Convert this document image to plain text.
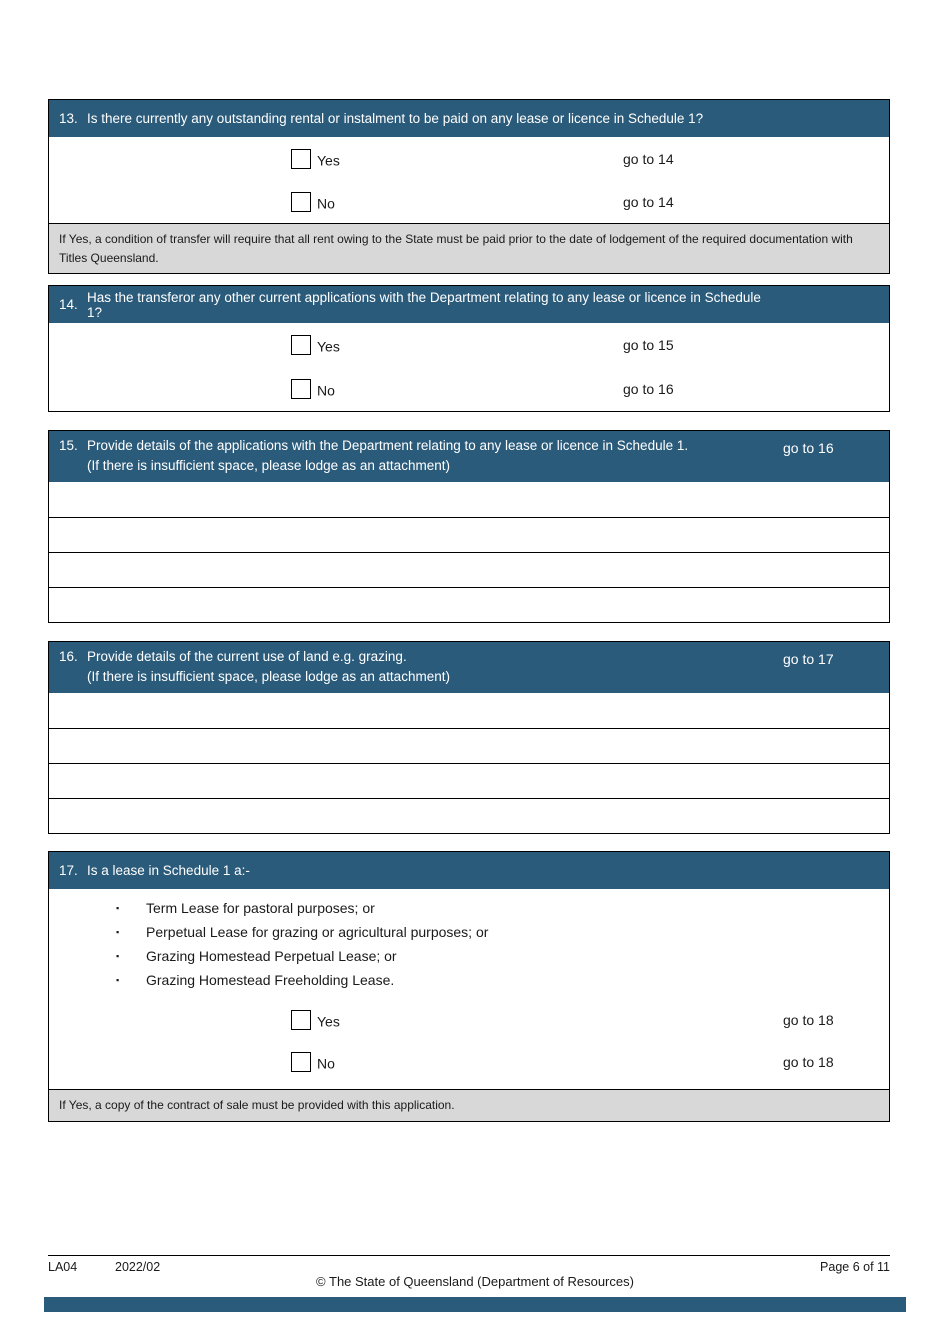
13. Is there currently any outstanding rental or instalment to be paid on any lease or licence in Schedule 1?
Yes	go to 14
No	go to 14
If Yes, a condition of transfer will require that all rent owing to the State must be paid prior to the date of lodgement of the required documentation with Titles Queensland.
14. Has the transferor any other current applications with the Department relating to any lease or licence in Schedule 1?
Yes	go to 15
No	go to 16
15. Provide details of the applications with the Department relating to any lease or licence in Schedule 1.	go to 16
(If there is insufficient space, please lodge as an attachment)
16. Provide details of the current use of land e.g. grazing.	go to 17
(If there is insufficient space, please lodge as an attachment)
17. Is a lease in Schedule 1 a:-
▪	Term Lease for pastoral purposes; or
▪	Perpetual Lease for grazing or agricultural purposes; or
▪	Grazing Homestead Perpetual Lease; or
▪	Grazing Homestead Freeholding Lease.
Yes	go to 18
No	go to 18
If Yes, a copy of the contract of sale must be provided with this application.
LA04	2022/02	Page 6 of 11
© The State of Queensland (Department of Resources)
